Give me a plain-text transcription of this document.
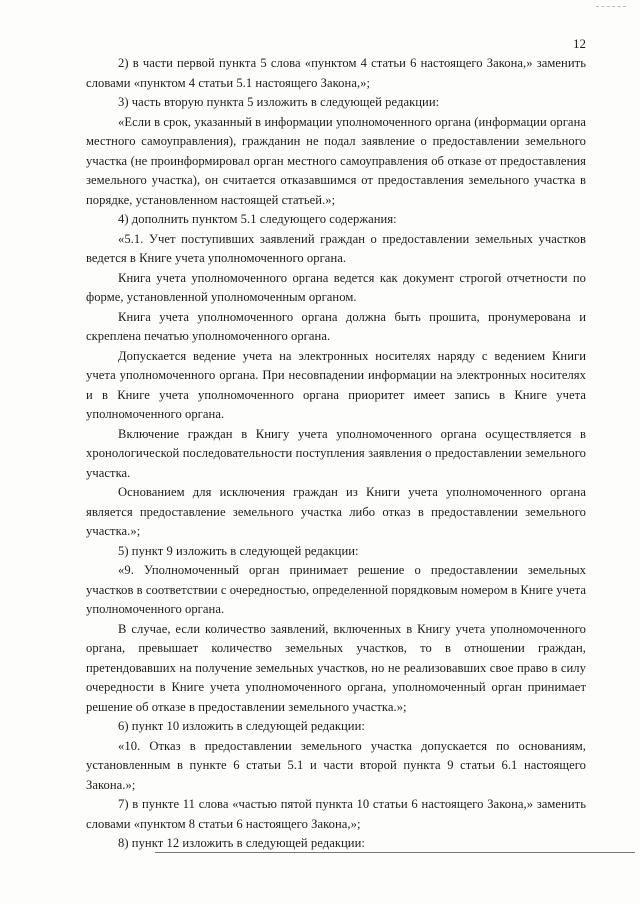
12

2) в части первой пункта 5 слова «пунктом 4 статьи 6 настоящего Закона,» заменить словами «пунктом 4 статьи 5.1 настоящего Закона,»;

3) часть вторую пункта 5 изложить в следующей редакции:

«Если в срок, указанный в информации уполномоченного органа (информации органа местного самоуправления), гражданин не подал заявление о предоставлении земельного участка (не проинформировал орган местного самоуправления об отказе от предоставления земельного участка), он считается отказавшимся от предоставления земельного участка в порядке, установленном настоящей статьей.»;

4) дополнить пунктом 5.1 следующего содержания:

«5.1. Учет поступивших заявлений граждан о предоставлении земельных участков ведется в Книге учета уполномоченного органа.

Книга учета уполномоченного органа ведется как документ строгой отчетности по форме, установленной уполномоченным органом.

Книга учета уполномоченного органа должна быть прошита, пронумерована и скреплена печатью уполномоченного органа.

Допускается ведение учета на электронных носителях наряду с ведением Книги учета уполномоченного органа. При несовпадении информации на электронных носителях и в Книге учета уполномоченного органа приоритет имеет запись в Книге учета уполномоченного органа.

Включение граждан в Книгу учета уполномоченного органа осуществляется в хронологической последовательности поступления заявления о предоставлении земельного участка.

Основанием для исключения граждан из Книги учета уполномоченного органа является предоставление земельного участка либо отказ в предоставлении земельного участка.»;

5) пункт 9 изложить в следующей редакции:

«9. Уполномоченный орган принимает решение о предоставлении земельных участков в соответствии с очередностью, определенной порядковым номером в Книге учета уполномоченного органа.

В случае, если количество заявлений, включенных в Книгу учета уполномоченного органа, превышает количество земельных участков, то в отношении граждан, претендовавших на получение земельных участков, но не реализовавших свое право в силу очередности в Книге учета уполномоченного органа, уполномоченный орган принимает решение об отказе в предоставлении земельного участка.»;

6) пункт 10 изложить в следующей редакции:

«10. Отказ в предоставлении земельного участка допускается по основаниям, установленным в пункте 6 статьи 5.1 и части второй пункта 9 статьи 6.1 настоящего Закона.»;

7) в пункте 11 слова «частью пятой пункта 10 статьи 6 настоящего Закона,» заменить словами «пунктом 8 статьи 6 настоящего Закона,»;

8) пункт 12 изложить в следующей редакции:
